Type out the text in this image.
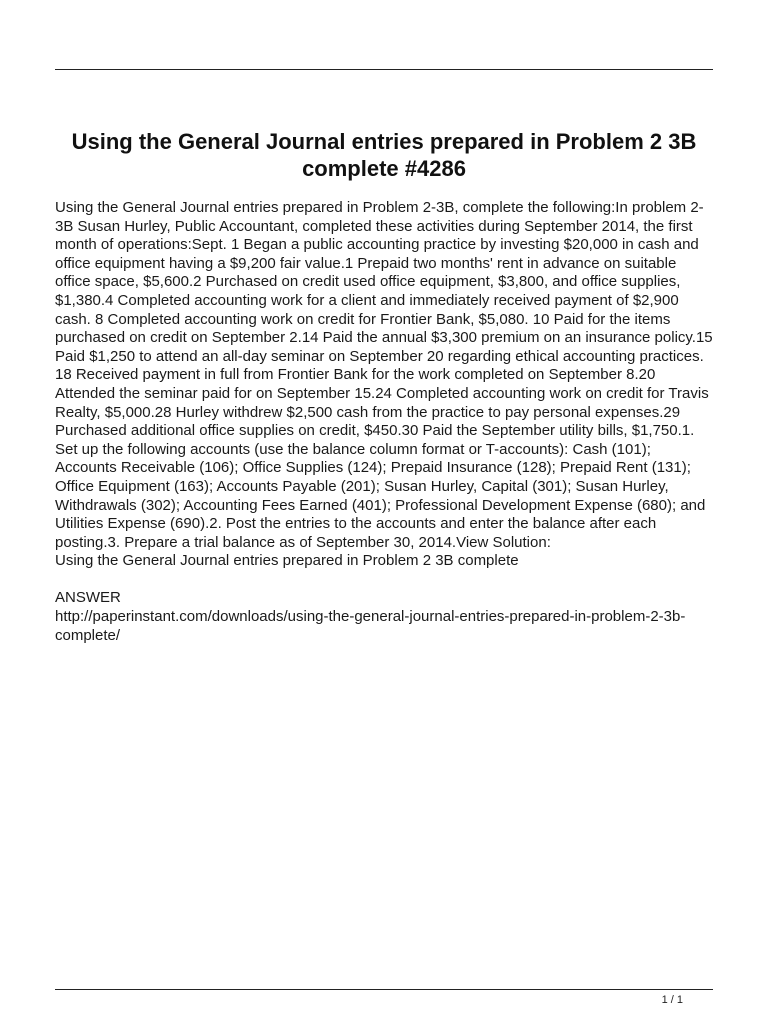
Using the General Journal entries prepared in Problem 2 3B complete #4286

Using the General Journal entries prepared in Problem 2-3B, complete the following:In problem 2-3B Susan Hurley, Public Accountant, completed these activities during September 2014, the first month of operations:Sept. 1 Began a public accounting practice by investing $20,000 in cash and office equipment having a $9,200 fair value.1 Prepaid two months' rent in advance on suitable office space, $5,600.2 Purchased on credit used office equipment, $3,800, and office supplies, $1,380.4 Completed accounting work for a client and immediately received payment of $2,900 cash. 8 Completed accounting work on credit for Frontier Bank, $5,080. 10 Paid for the items purchased on credit on September 2.14 Paid the annual $3,300 premium on an insurance policy.15 Paid $1,250 to attend an all-day seminar on September 20 regarding ethical accounting practices. 18 Received payment in full from Frontier Bank for the work completed on September 8.20 Attended the seminar paid for on September 15.24 Completed accounting work on credit for Travis Realty, $5,000.28 Hurley withdrew $2,500 cash from the practice to pay personal expenses.29 Purchased additional office supplies on credit, $450.30 Paid the September utility bills, $1,750.1. Set up the following accounts (use the balance column format or T-accounts): Cash (101); Accounts Receivable (106); Office Supplies (124); Prepaid Insurance (128); Prepaid Rent (131); Office Equipment (163); Accounts Payable (201); Susan Hurley, Capital (301); Susan Hurley, Withdrawals (302); Accounting Fees Earned (401); Professional Development Expense (680); and Utilities Expense (690).2. Post the entries to the accounts and enter the balance after each posting.3. Prepare a trial balance as of September 30, 2014.View Solution:

Using the General Journal entries prepared in Problem 2 3B complete

ANSWER

http://paperinstant.com/downloads/using-the-general-journal-entries-prepared-in-problem-2-3b-complete/

1 / 1
